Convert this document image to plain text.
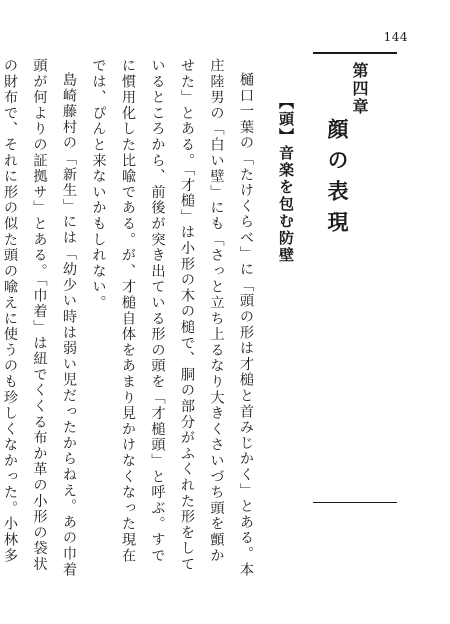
144
第四章
顔の表現
【頭】音楽を包む防壁

樋口一葉の「たけくらべ」に「頭の形は才槌と首みじかく」とある。本庄陸男の「白い壁」にも「さっと立ち上るなり大きくさいづち頭を顫かせた」とある。「才槌」は小形の木の槌で、胴の部分がふくれた形をしているところから、前後が突き出ている形の頭を「才槌頭」と呼ぶ。すでに慣用化した比喩である。が、才槌自体をあまり見かけなくなった現在では、ぴんと来ないかもしれない。

島崎藤村の「新生」には「幼少い時は弱い児だったからねえ。あの巾着頭が何よりの証拠サ」とある。「巾着」は紐でくくる布か革の小形の袋状の財布で、それに形の似た頭の喩えに使うのも珍しくなかった。小林多
